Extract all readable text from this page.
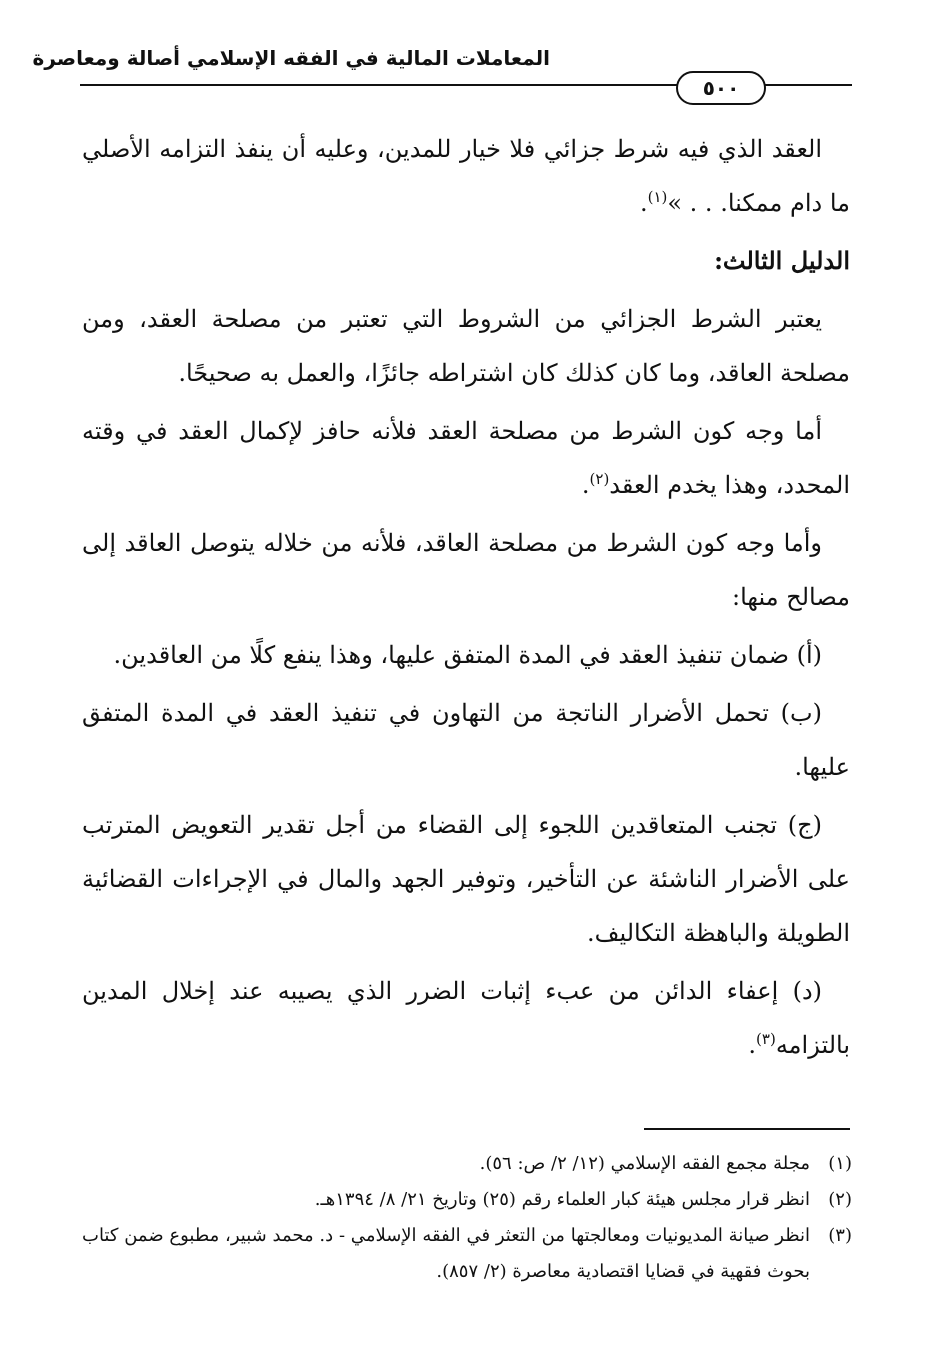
المعاملات المالية في الفقه الإسلامي أصالة ومعاصرة
٥٠٠

العقد الذي فيه شرط جزائي فلا خيار للمدين، وعليه أن ينفذ التزامه الأصلي ما دام ممكنا. . . »$^{(١)}$.

الدليل الثالث:

يعتبر الشرط الجزائي من الشروط التي تعتبر من مصلحة العقد، ومن مصلحة العاقد، وما كان كذلك كان اشتراطه جائزًا، والعمل به صحيحًا.

أما وجه كون الشرط من مصلحة العقد فلأنه حافز لإكمال العقد في وقته المحدد، وهذا يخدم العقد$^{(٢)}$.

وأما وجه كون الشرط من مصلحة العاقد، فلأنه من خلاله يتوصل العاقد إلى مصالح منها:

(أ) ضمان تنفيذ العقد في المدة المتفق عليها، وهذا ينفع كلًا من العاقدين.

(ب) تحمل الأضرار الناتجة من التهاون في تنفيذ العقد في المدة المتفق عليها.

(ج) تجنب المتعاقدين اللجوء إلى القضاء من أجل تقدير التعويض المترتب على الأضرار الناشئة عن التأخير، وتوفير الجهد والمال في الإجراءات القضائية الطويلة والباهظة التكاليف.

(د) إعفاء الدائن من عبء إثبات الضرر الذي يصيبه عند إخلال المدين بالتزامه$^{(٣)}$.

(١)
مجلة مجمع الفقه الإسلامي (١٢/ ٢/ ص: ٥٦).
(٢)
انظر قرار مجلس هيئة كبار العلماء رقم (٢٥) وتاريخ ٢١/ ٨/ ١٣٩٤هـ.
(٣)
انظر صيانة المديونيات ومعالجتها من التعثر في الفقه الإسلامي - د. محمد شبير، مطبوع ضمن كتاب بحوث فقهية في قضايا اقتصادية معاصرة (٢/ ٨٥٧).
